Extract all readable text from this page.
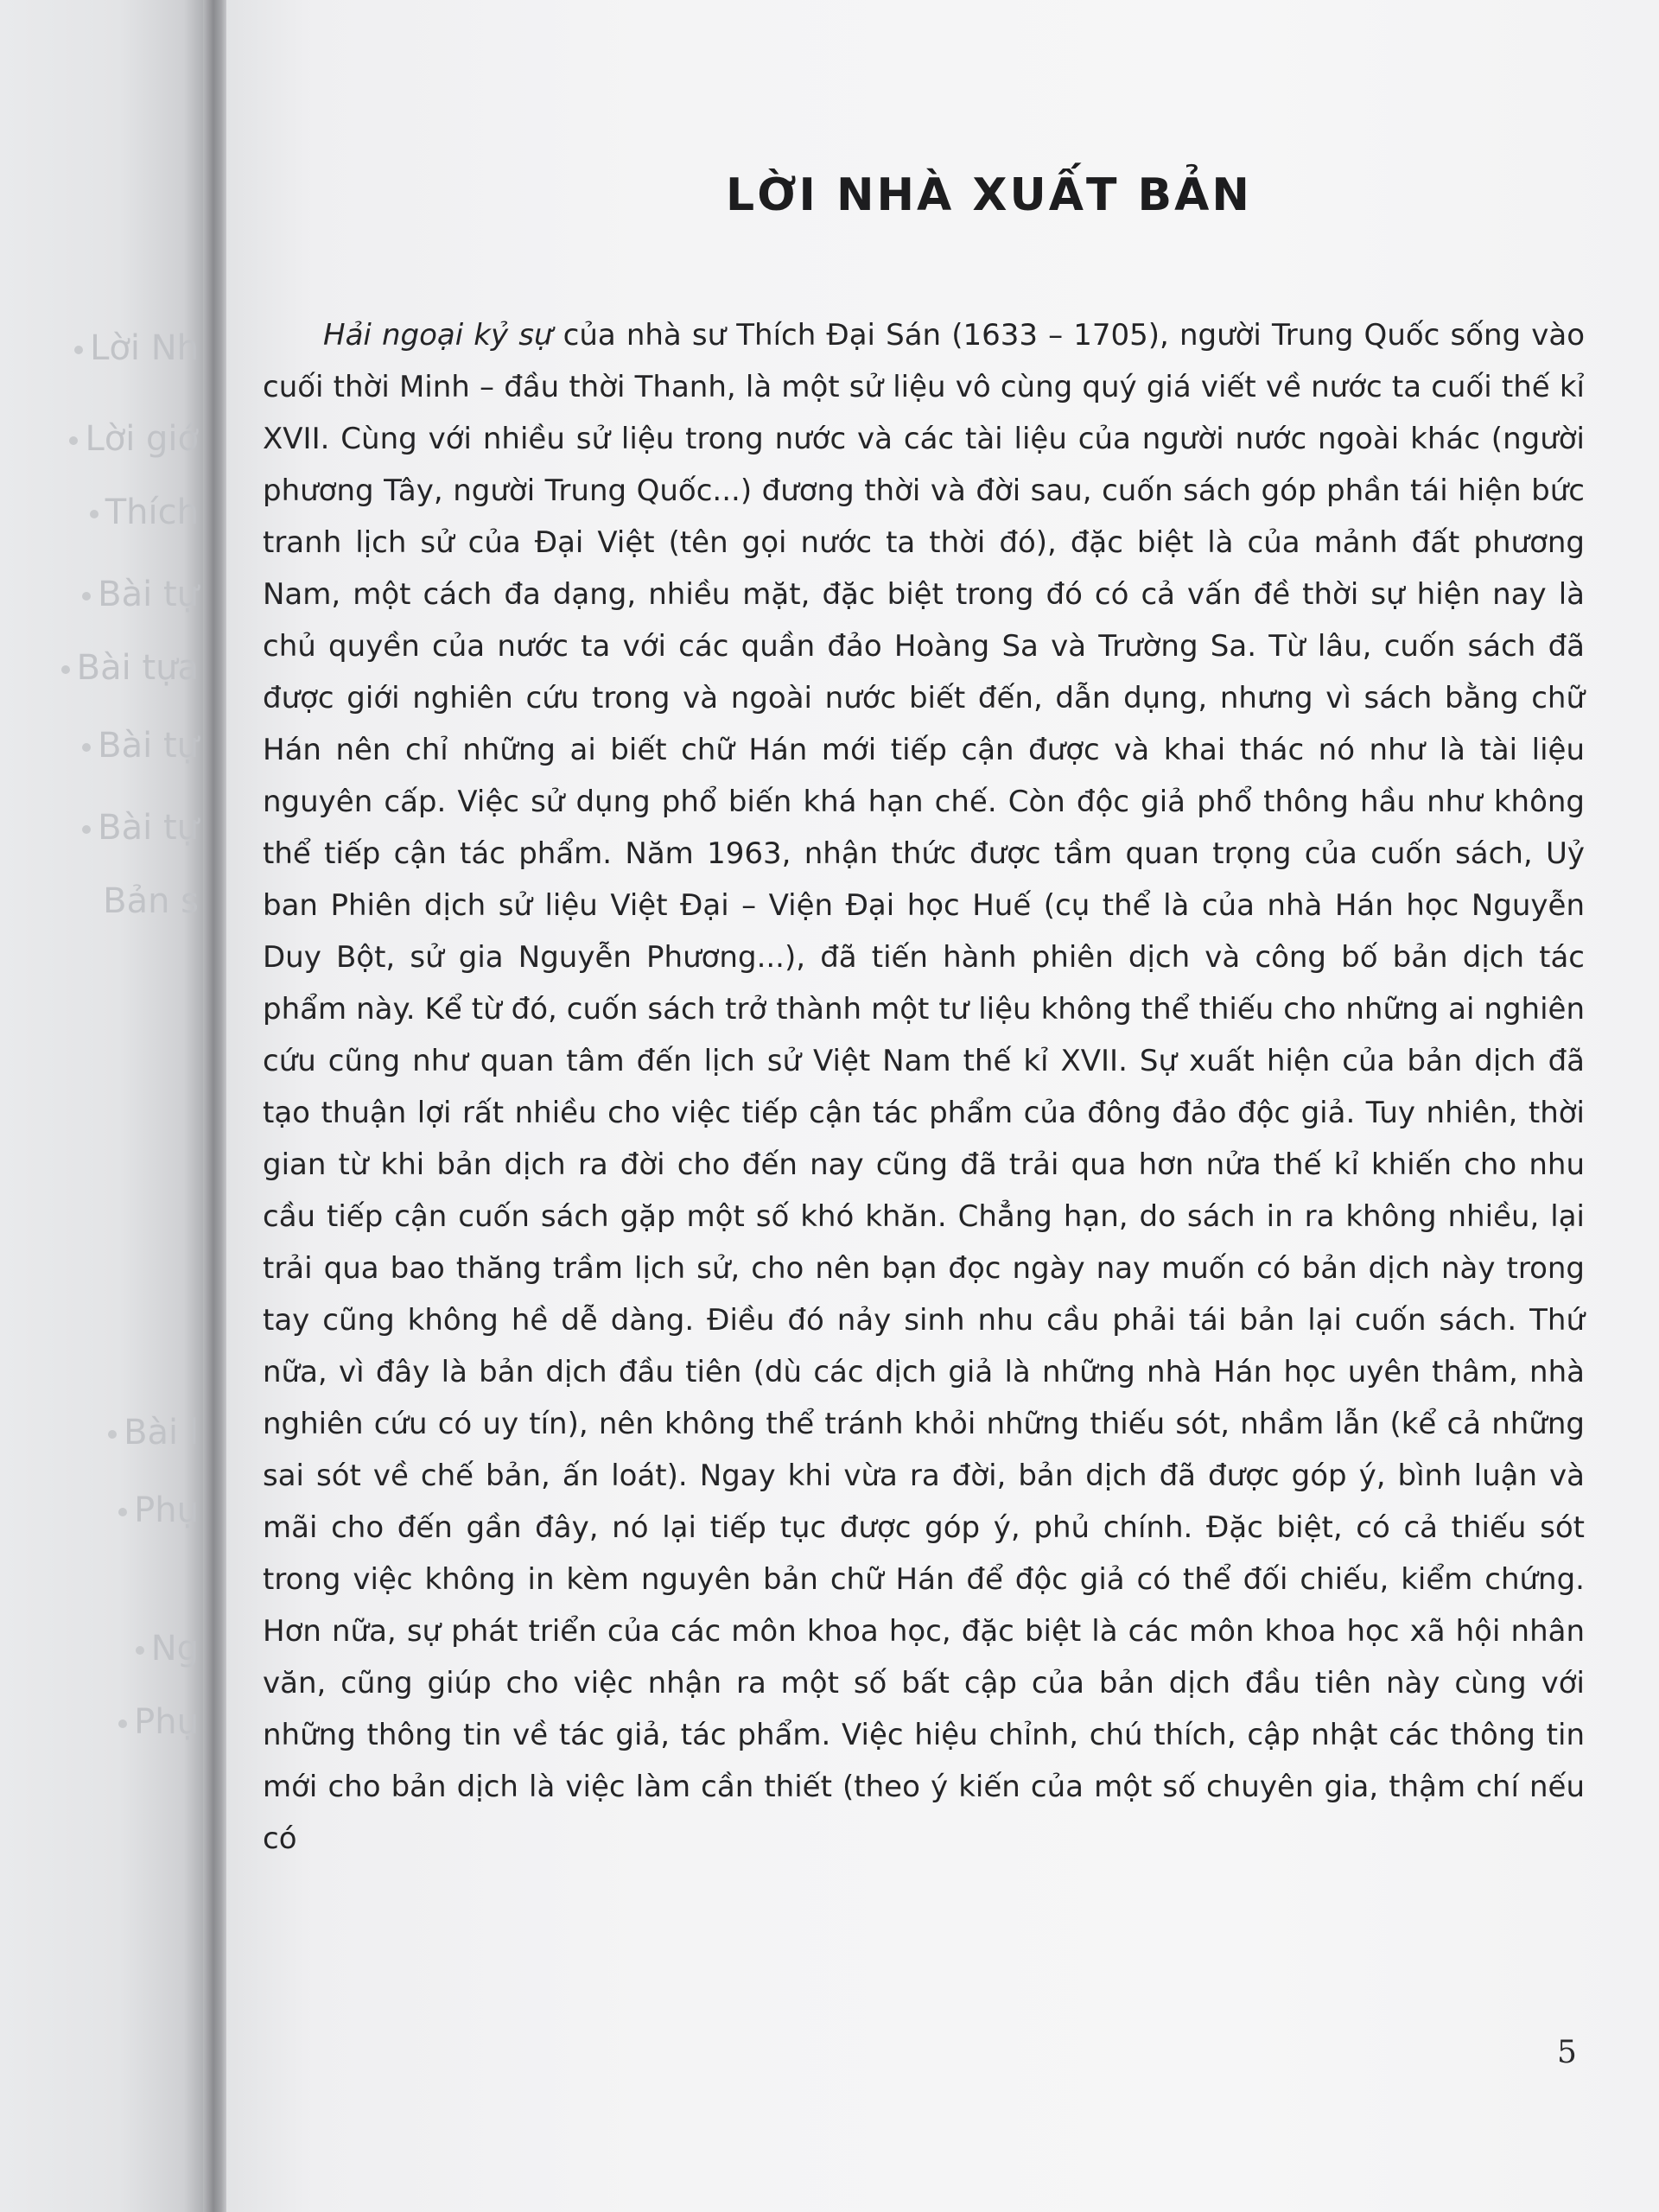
Lời Nh
Lời giớ
Thích
Bài tự
Bài tựa
Bài tự
Bài tự
Bản s
Bài l
Phụ
Ng
Phụ
LỜI NHÀ XUẤT BẢN

Hải ngoại kỷ sự của nhà sư Thích Đại Sán (1633 – 1705), người Trung Quốc sống vào cuối thời Minh – đầu thời Thanh, là một sử liệu vô cùng quý giá viết về nước ta cuối thế kỉ XVII. Cùng với nhiều sử liệu trong nước và các tài liệu của người nước ngoài khác (người phương Tây, người Trung Quốc...) đương thời và đời sau, cuốn sách góp phần tái hiện bức tranh lịch sử của Đại Việt (tên gọi nước ta thời đó), đặc biệt là của mảnh đất phương Nam, một cách đa dạng, nhiều mặt, đặc biệt trong đó có cả vấn đề thời sự hiện nay là chủ quyền của nước ta với các quần đảo Hoàng Sa và Trường Sa. Từ lâu, cuốn sách đã được giới nghiên cứu trong và ngoài nước biết đến, dẫn dụng, nhưng vì sách bằng chữ Hán nên chỉ những ai biết chữ Hán mới tiếp cận được và khai thác nó như là tài liệu nguyên cấp. Việc sử dụng phổ biến khá hạn chế. Còn độc giả phổ thông hầu như không thể tiếp cận tác phẩm. Năm 1963, nhận thức được tầm quan trọng của cuốn sách, Uỷ ban Phiên dịch sử liệu Việt Đại – Viện Đại học Huế (cụ thể là của nhà Hán học Nguyễn Duy Bột, sử gia Nguyễn Phương...), đã tiến hành phiên dịch và công bố bản dịch tác phẩm này. Kể từ đó, cuốn sách trở thành một tư liệu không thể thiếu cho những ai nghiên cứu cũng như quan tâm đến lịch sử Việt Nam thế kỉ XVII. Sự xuất hiện của bản dịch đã tạo thuận lợi rất nhiều cho việc tiếp cận tác phẩm của đông đảo độc giả. Tuy nhiên, thời gian từ khi bản dịch ra đời cho đến nay cũng đã trải qua hơn nửa thế kỉ khiến cho nhu cầu tiếp cận cuốn sách gặp một số khó khăn. Chẳng hạn, do sách in ra không nhiều, lại trải qua bao thăng trầm lịch sử, cho nên bạn đọc ngày nay muốn có bản dịch này trong tay cũng không hề dễ dàng. Điều đó nảy sinh nhu cầu phải tái bản lại cuốn sách. Thứ nữa, vì đây là bản dịch đầu tiên (dù các dịch giả là những nhà Hán học uyên thâm, nhà nghiên cứu có uy tín), nên không thể tránh khỏi những thiếu sót, nhầm lẫn (kể cả những sai sót về chế bản, ấn loát). Ngay khi vừa ra đời, bản dịch đã được góp ý, bình luận và mãi cho đến gần đây, nó lại tiếp tục được góp ý, phủ chính. Đặc biệt, có cả thiếu sót trong việc không in kèm nguyên bản chữ Hán để độc giả có thể đối chiếu, kiểm chứng. Hơn nữa, sự phát triển của các môn khoa học, đặc biệt là các môn khoa học xã hội nhân văn, cũng giúp cho việc nhận ra một số bất cập của bản dịch đầu tiên này cùng với những thông tin về tác giả, tác phẩm. Việc hiệu chỉnh, chú thích, cập nhật các thông tin mới cho bản dịch là việc làm cần thiết (theo ý kiến của một số chuyên gia, thậm chí nếu có

5
